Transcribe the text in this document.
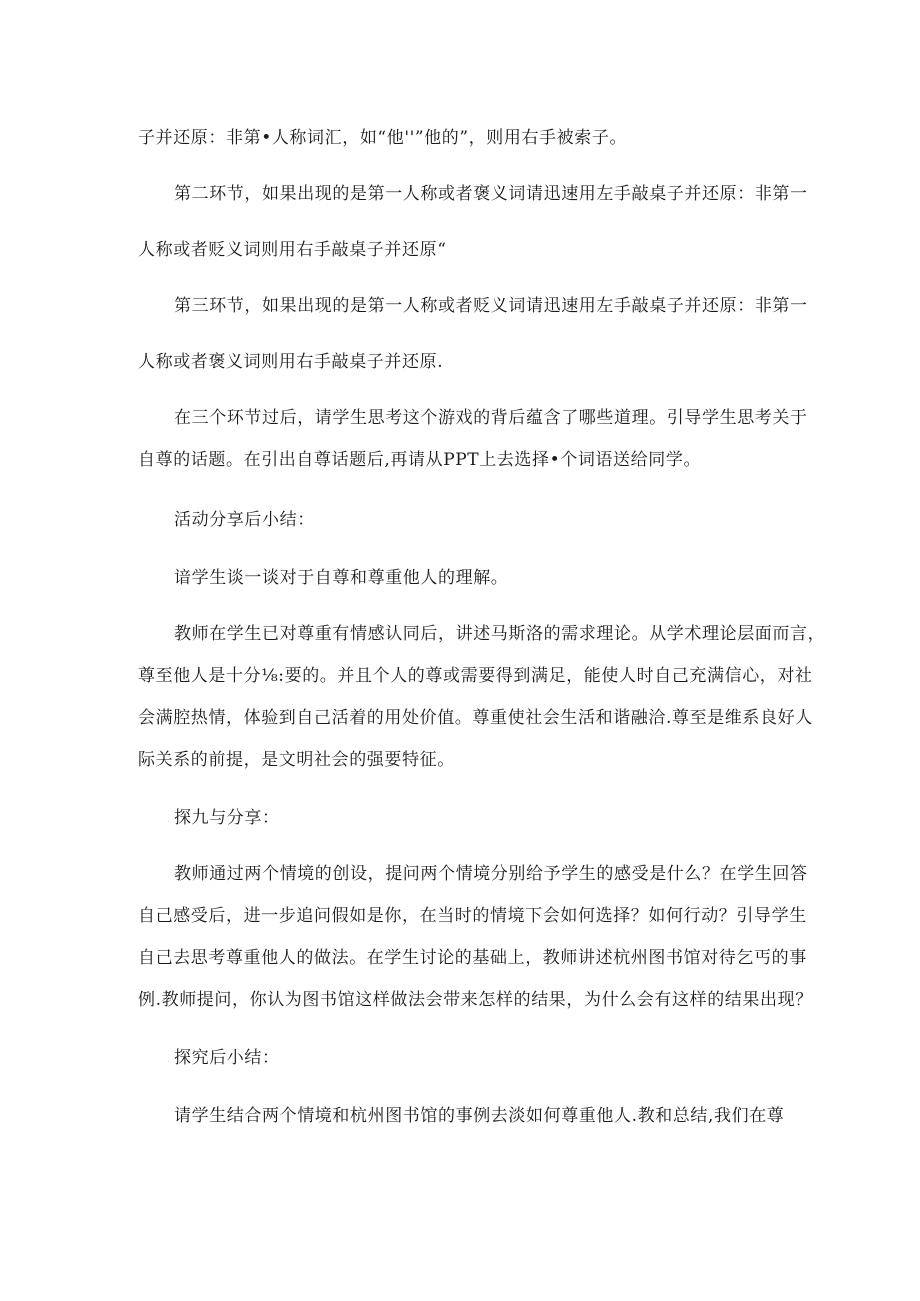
子并还原：非第•人称词汇，如“他''”他的”，则用右手被索子。
第二环节，如果出现的是第一人称或者褒义词请迅速用左手敲桌子并还原：非第一
人称或者贬义词则用右手敲桌子并还原“
第三环节，如果出现的是第一人称或者贬义词请迅速用左手敲桌子并还原：非第一
人称或者褒义词则用右手敲桌子并还原.
在三个环节过后，请学生思考这个游戏的背后蕴含了哪些道理。引导学生思考关于
自尊的话题。在引出自尊话题后,再请从PPT上去选择•个词语送给同学。
活动分享后小结：
谙学生谈一谈对于自尊和尊重他人的理解。
教师在学生已对尊重有情感认同后，讲述马斯洛的需求理论。从学术理论层面而言，
尊至他人是十分⅛:要的。并且个人的尊或需要得到满足，能使人时自己充满信心，对社
会满腔热情，体验到自己活着的用处价值。尊重使社会生活和谐融洽.尊至是维系良好人
际关系的前提，是文明社会的强要特征。
探九与分享：
教师通过两个情境的创设，提问两个情境分别给予学生的感受是什么？在学生回答
自己感受后，进一步追问假如是你，在当时的情境下会如何选择？如何行动？引导学生
自己去思考尊重他人的做法。在学生讨论的基础上，教师讲述杭州图书馆对待乞丐的事
例.教师提问，你认为图书馆这样做法会带来怎样的结果，为什么会有这样的结果出现？
探究后小结：
请学生结合两个情境和杭州图书馆的事例去淡如何尊重他人.教和总结,我们在尊
